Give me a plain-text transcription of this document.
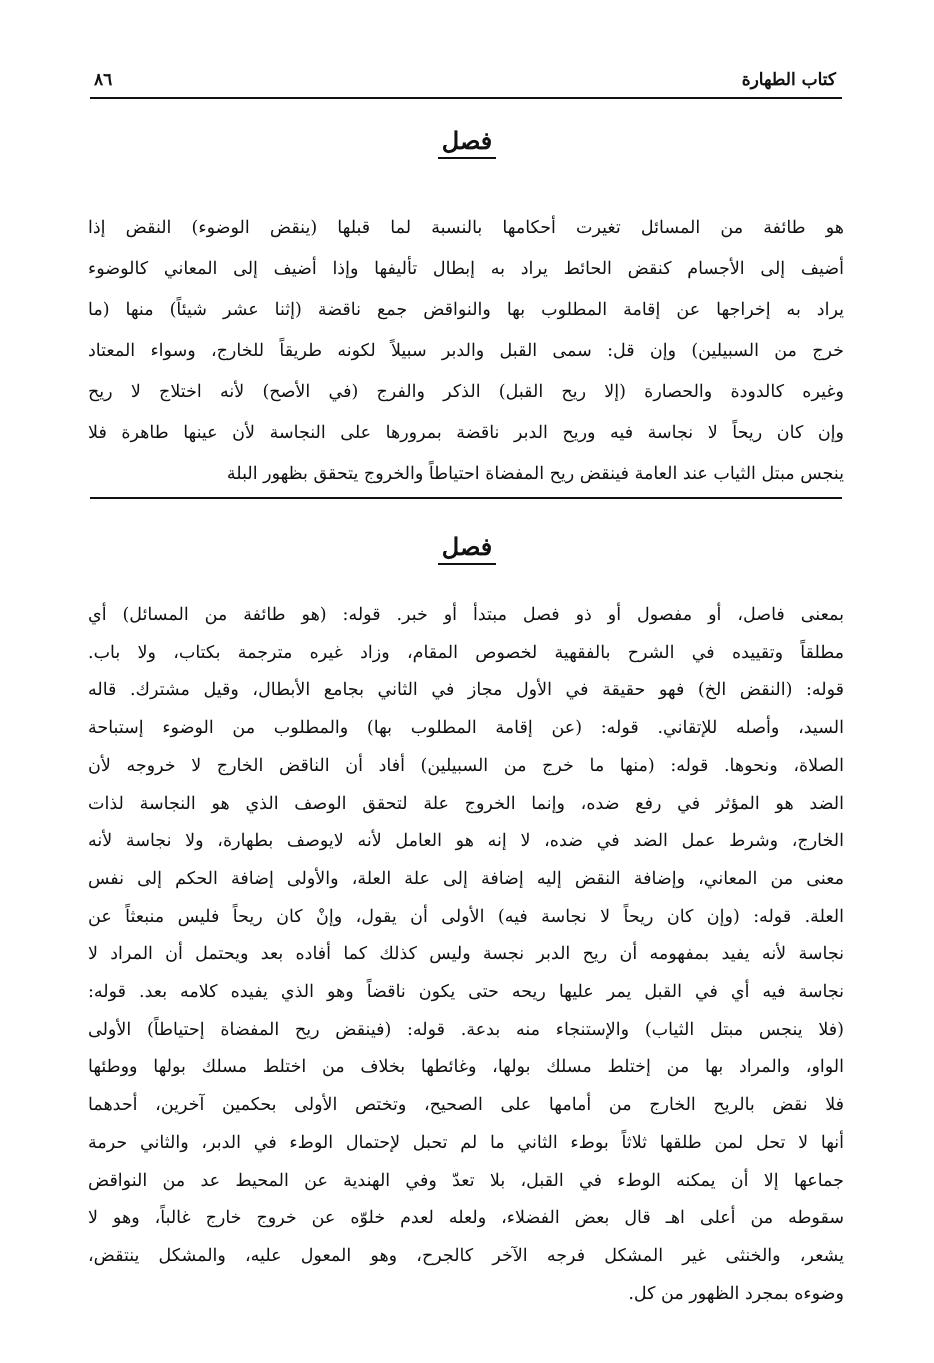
٨٦	كتاب الطهارة
فصل
هو طائفة من المسائل تغيرت أحكامها بالنسبة لما قبلها (ينقض الوضوء) النقض إذا
أضيف إلى الأجسام كنقض الحائط يراد به إبطال تأليفها وإذا أضيف إلى المعاني كالوضوء
يراد به إخراجها عن إقامة المطلوب بها والنواقض جمع ناقضة (إثنا عشر شيئاً) منها (ما
خرج من السبيلين) وإن قل: سمى القبل والدبر سبيلاً لكونه طريقاً للخارج، وسواء المعتاد
وغيره كالدودة والحصارة (إلا ريح القبل) الذكر والفرج (في الأصح) لأنه اختلاج لا ريح
وإن كان ريحاً لا نجاسة فيه وريح الدبر ناقضة بمرورها على النجاسة لأن عينها طاهرة فلا
ينجس مبتل الثياب عند العامة فينقض ريح المفضاة احتياطاً والخروج يتحقق بظهور البلة
فصل
بمعنى فاصل، أو مفصول أو ذو فصل مبتدأ أو خبر. قوله: (هو طائفة من المسائل) أي
مطلقاً وتقييده في الشرح بالفقهية لخصوص المقام، وزاد غيره مترجمة بكتاب، ولا باب.
قوله: (النقض الخ) فهو حقيقة في الأول مجاز في الثاني بجامع الأبطال، وقيل مشترك. قاله
السيد، وأصله للإتقاني. قوله: (عن إقامة المطلوب بها) والمطلوب من الوضوء إستباحة
الصلاة، ونحوها. قوله: (منها ما خرج من السبيلين) أفاد أن الناقض الخارج لا خروجه لأن
الضد هو المؤثر في رفع ضده، وإنما الخروج علة لتحقق الوصف الذي هو النجاسة لذات
الخارج، وشرط عمل الضد في ضده، لا إنه هو العامل لأنه لايوصف بطهارة، ولا نجاسة لأنه
معنى من المعاني، وإضافة النقض إليه إضافة إلى علة العلة، والأولى إضافة الحكم إلى نفس
العلة. قوله: (وإن كان ريحاً لا نجاسة فيه) الأولى أن يقول، وإنْ كان ريحاً فليس منبعثاً عن
نجاسة لأنه يفيد بمفهومه أن ريح الدبر نجسة وليس كذلك كما أفاده بعد ويحتمل أن المراد لا
نجاسة فيه أي في القبل يمر عليها ريحه حتى يكون ناقضاً وهو الذي يفيده كلامه بعد. قوله:
(فلا ينجس مبتل الثياب) والإستنجاء منه بدعة. قوله: (فينقض ريح المفضاة إحتياطاً) الأولى
الواو، والمراد بها من إختلط مسلك بولها، وغائطها بخلاف من اختلط مسلك بولها ووطئها
فلا نقض بالريح الخارج من أمامها على الصحيح، وتختص الأولى بحكمين آخرين، أحدهما
أنها لا تحل لمن طلقها ثلاثاً بوطء الثاني ما لم تحبل لإحتمال الوطء في الدبر، والثاني حرمة
جماعها إلا أن يمكنه الوطء في القبل، بلا تعدّ وفي الهندية عن المحيط عد من النواقض
سقوطه من أعلى اهـ قال بعض الفضلاء، ولعله لعدم خلوّه عن خروج خارج غالباً، وهو لا
يشعر، والخنثى غير المشكل فرجه الآخر كالجرح، وهو المعول عليه، والمشكل ينتقض،
وضوءه بمجرد الظهور من كل.
